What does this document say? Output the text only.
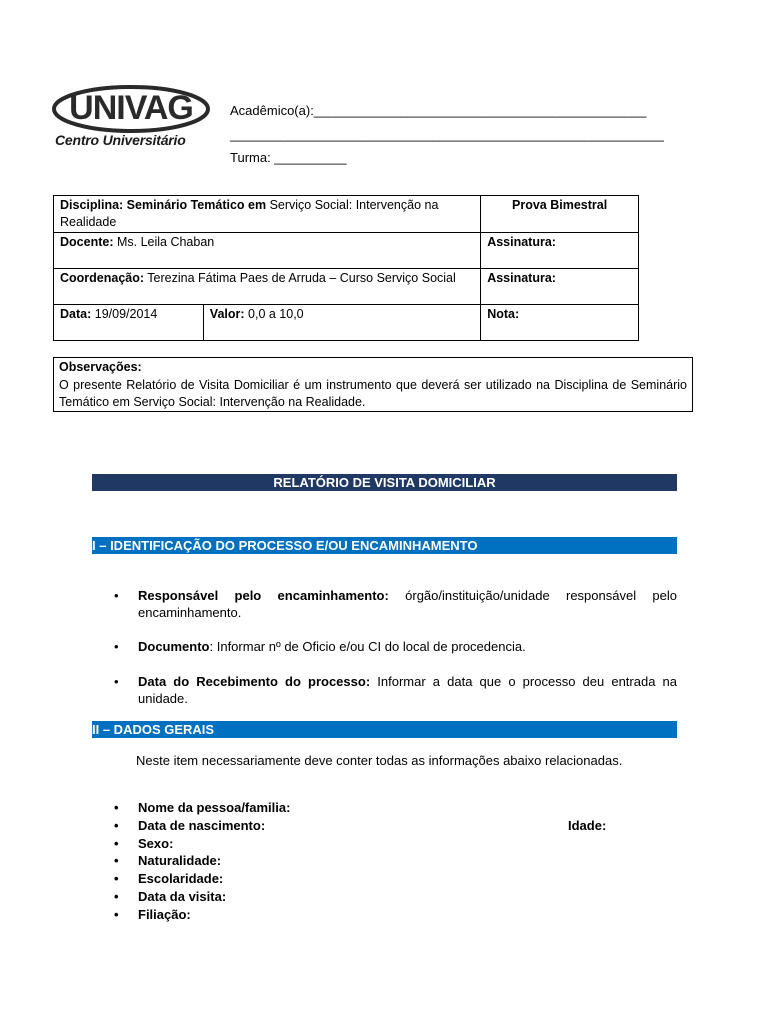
UNIVAG
Centro Universitário
Acadêmico(a):______________________________________________
____________________________________________________________
Turma: __________
Disciplina: Seminário Temático em Serviço Social: Intervenção na Realidade		Prova Bimestral
Docente: Ms. Leila Chaban		Assinatura:
Coordenação: Terezina Fátima Paes de Arruda – Curso Serviço Social		Assinatura:
Data: 19/09/2014	Valor: 0,0 a 10,0	Nota:
Observações:
O presente Relatório de Visita Domiciliar é um instrumento que deverá ser utilizado na Disciplina de Seminário Temático em Serviço Social: Intervenção na Realidade.
RELATÓRIO DE VISITA DOMICILIAR
I – IDENTIFICAÇÃO DO PROCESSO E/OU ENCAMINHAMENTO
• Responsável pelo encaminhamento: órgão/instituição/unidade responsável pelo encaminhamento.
• Documento: Informar nº de Oficio e/ou CI do local de procedencia.
• Data do Recebimento do processo: Informar a data que o processo deu entrada na unidade.
II – DADOS GERAIS
Neste item necessariamente deve conter todas as informações abaixo relacionadas.
• Nome da pessoa/familia:
• Data de nascimento:	Idade:
• Sexo:
• Naturalidade:
• Escolaridade:
• Data da visita:
• Filiação:
